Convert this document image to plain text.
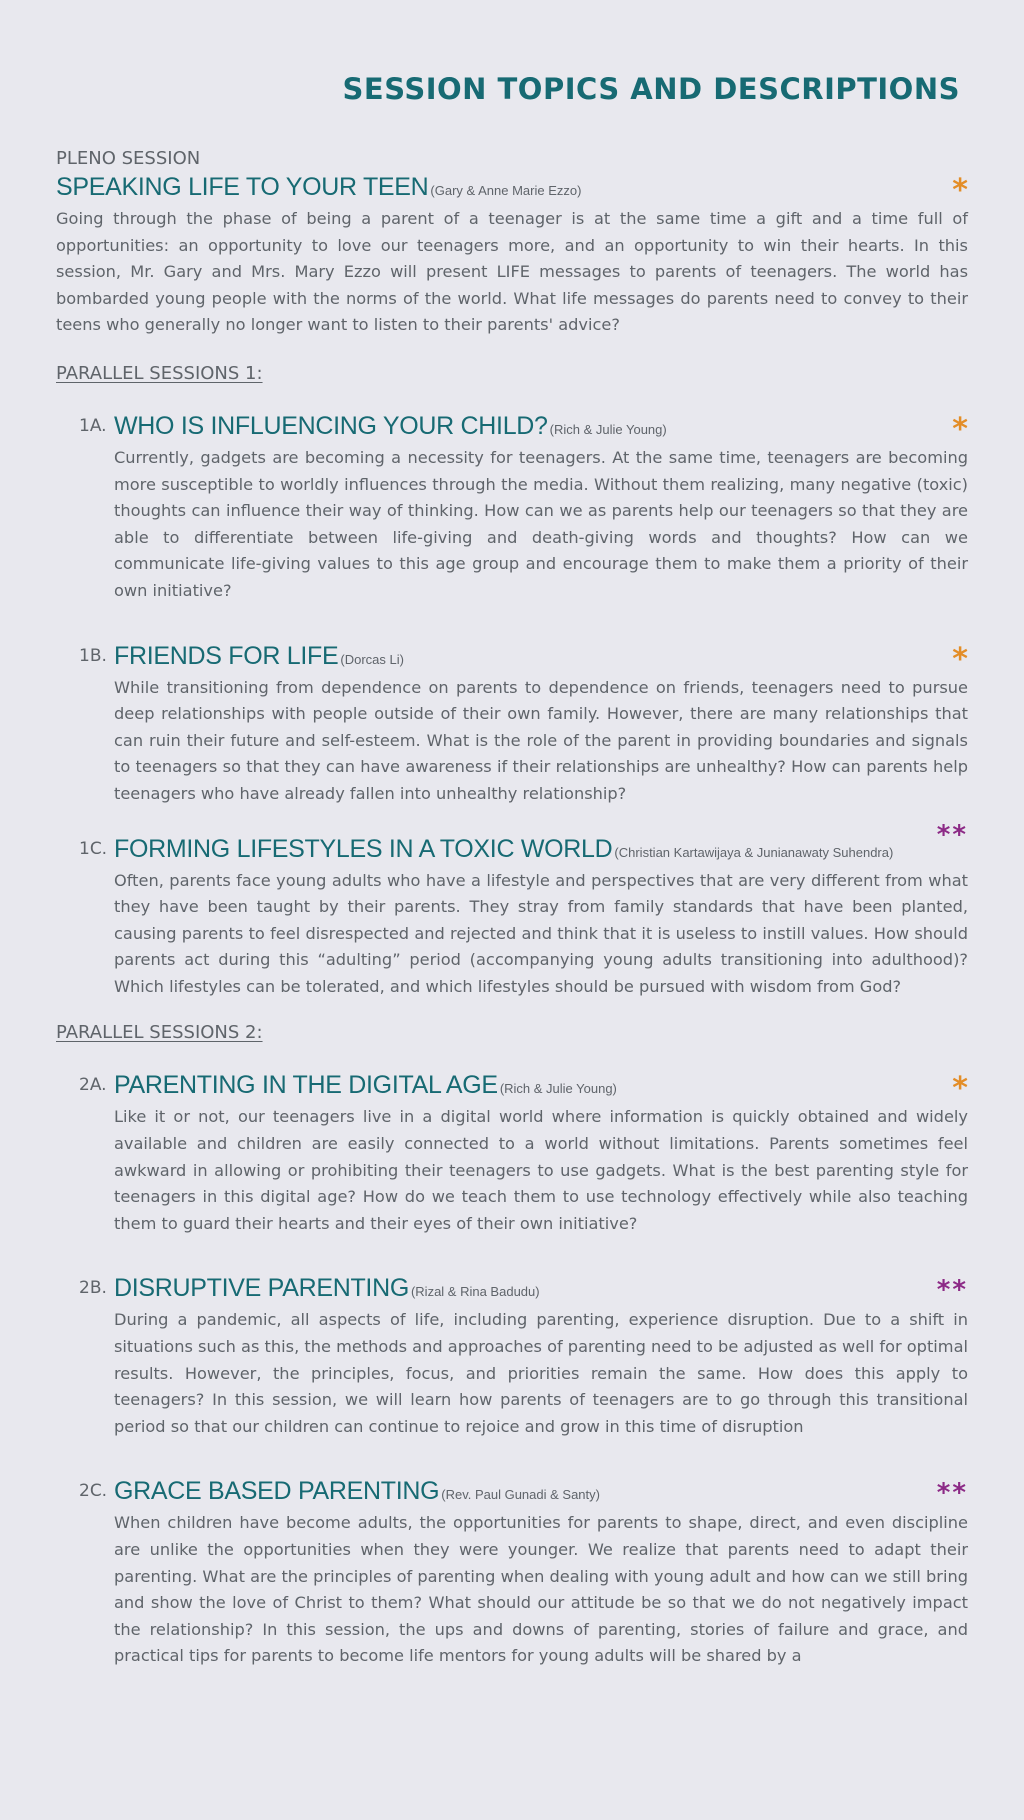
SESSION TOPICS AND DESCRIPTIONS

PLENO SESSION

SPEAKING LIFE TO YOUR TEEN (Gary & Anne Marie Ezzo)	*

Going through the phase of being a parent of a teenager is at the same time a gift and a time full of opportunities: an opportunity to love our teenagers more, and an opportunity to win their hearts. In this session, Mr. Gary and Mrs. Mary Ezzo will present LIFE messages to parents of teenagers. The world has bombarded young people with the norms of the world. What life messages do parents need to convey to their teens who generally no longer want to listen to their parents' advice?

PARALLEL SESSIONS 1:

1A. WHO IS INFLUENCING YOUR CHILD? (Rich & Julie Young)	*

Currently, gadgets are becoming a necessity for teenagers. At the same time, teenagers are becoming more susceptible to worldly influences through the media. Without them realizing, many negative (toxic) thoughts can influence their way of thinking. How can we as parents help our teenagers so that they are able to differentiate between life-giving and death-giving words and thoughts? How can we communicate life-giving values to this age group and encourage them to make them a priority of their own initiative?

1B. FRIENDS FOR LIFE (Dorcas Li)	*

While transitioning from dependence on parents to dependence on friends, teenagers need to pursue deep relationships with people outside of their own family. However, there are many relationships that can ruin their future and self-esteem. What is the role of the parent in providing boundaries and signals to teenagers so that they can have awareness if their relationships are unhealthy? How can parents help teenagers who have already fallen into unhealthy relationship?

1C. FORMING LIFESTYLES IN A TOXIC WORLD (Christian Kartawijaya & Junianawaty Suhendra)
**

Often, parents face young adults who have a lifestyle and perspectives that are very different from what they have been taught by their parents. They stray from family standards that have been planted, causing parents to feel disrespected and rejected and think that it is useless to instill values. How should parents act during this “adulting” period (accompanying young adults transitioning into adulthood)? Which lifestyles can be tolerated, and which lifestyles should be pursued with wisdom from God?

PARALLEL SESSIONS 2:

2A. PARENTING IN THE DIGITAL AGE (Rich & Julie Young)	*

Like it or not, our teenagers live in a digital world where information is quickly obtained and widely available and children are easily connected to a world without limitations. Parents sometimes feel awkward in allowing or prohibiting their teenagers to use gadgets. What is the best parenting style for teenagers in this digital age? How do we teach them to use technology effectively while also teaching them to guard their hearts and their eyes of their own initiative?

2B. DISRUPTIVE PARENTING (Rizal & Rina Badudu)	**

During a pandemic, all aspects of life, including parenting, experience disruption. Due to a shift in situations such as this, the methods and approaches of parenting need to be adjusted as well for optimal results. However, the principles, focus, and priorities remain the same. How does this apply to teenagers? In this session, we will learn how parents of teenagers are to go through this transitional period so that our children can continue to rejoice and grow in this time of disruption

2C. GRACE BASED PARENTING (Rev. Paul Gunadi & Santy)	**

When children have become adults, the opportunities for parents to shape, direct, and even discipline are unlike the opportunities when they were younger. We realize that parents need to adapt their parenting. What are the principles of parenting when dealing with young adult and how can we still bring and show the love of Christ to them? What should our attitude be so that we do not negatively impact the relationship? In this session, the ups and downs of parenting, stories of failure and grace, and practical tips for parents to become life mentors for young adults will be shared by a
